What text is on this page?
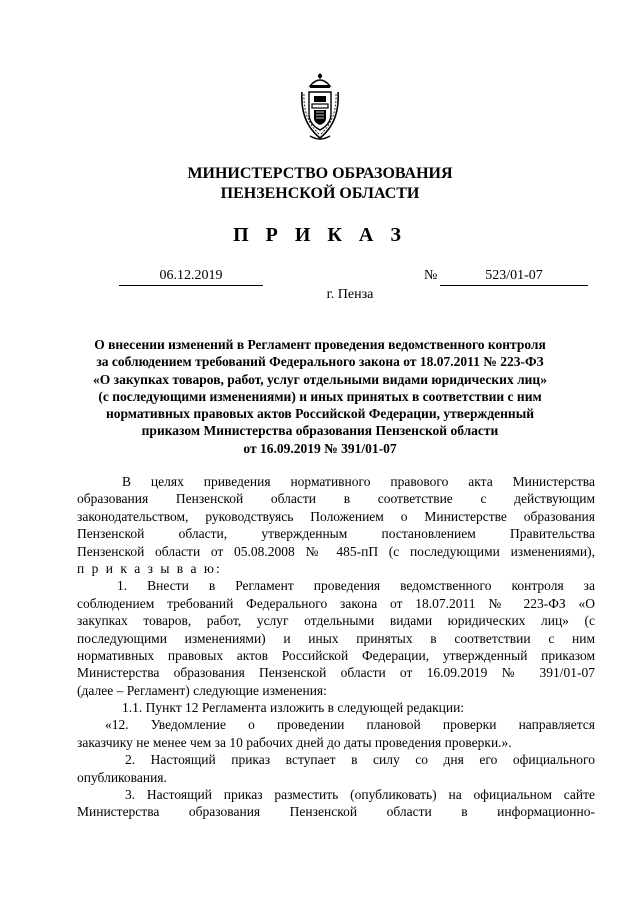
МИНИСТЕРСТВО ОБРАЗОВАНИЯ
ПЕНЗЕНСКОЙ ОБЛАСТИ
П Р И К А З
06.12.2019	№	523/01-07
г. Пенза
О внесении изменений в Регламент проведения ведомственного контроля
за соблюдением требований Федерального закона от 18.07.2011 № 223-ФЗ
«О закупках товаров, работ, услуг отдельными видами юридических лиц»
(с последующими изменениями) и иных принятых в соответствии с ним
нормативных правовых актов Российской Федерации, утвержденный
приказом Министерства образования Пензенской области
от 16.09.2019 № 391/01-07
В целях приведения нормативного правового акта Министерства
образования Пензенской области в соответствие с действующим
законодательством, руководствуясь Положением о Министерстве образования
Пензенской области, утвержденным постановлением Правительства
Пензенской области от 05.08.2008 № 485-пП (с последующими изменениями),
п р и к а з ы в а ю:
1. Внести в Регламент проведения ведомственного контроля за
соблюдением требований Федерального закона от 18.07.2011 № 223-ФЗ «О
закупках товаров, работ, услуг отдельными видами юридических лиц» (с
последующими изменениями) и иных принятых в соответствии с ним
нормативных правовых актов Российской Федерации, утвержденный приказом
Министерства образования Пензенской области от 16.09.2019 № 391/01-07
(далее – Регламент) следующие изменения:
1.1. Пункт 12 Регламента изложить в следующей редакции:
«12. Уведомление о проведении плановой проверки направляется
заказчику не менее чем за 10 рабочих дней до даты проведения проверки.».
2. Настоящий приказ вступает в силу со дня его официального
опубликования.
3. Настоящий приказ разместить (опубликовать) на официальном сайте
Министерства образования Пензенской области в информационно-
